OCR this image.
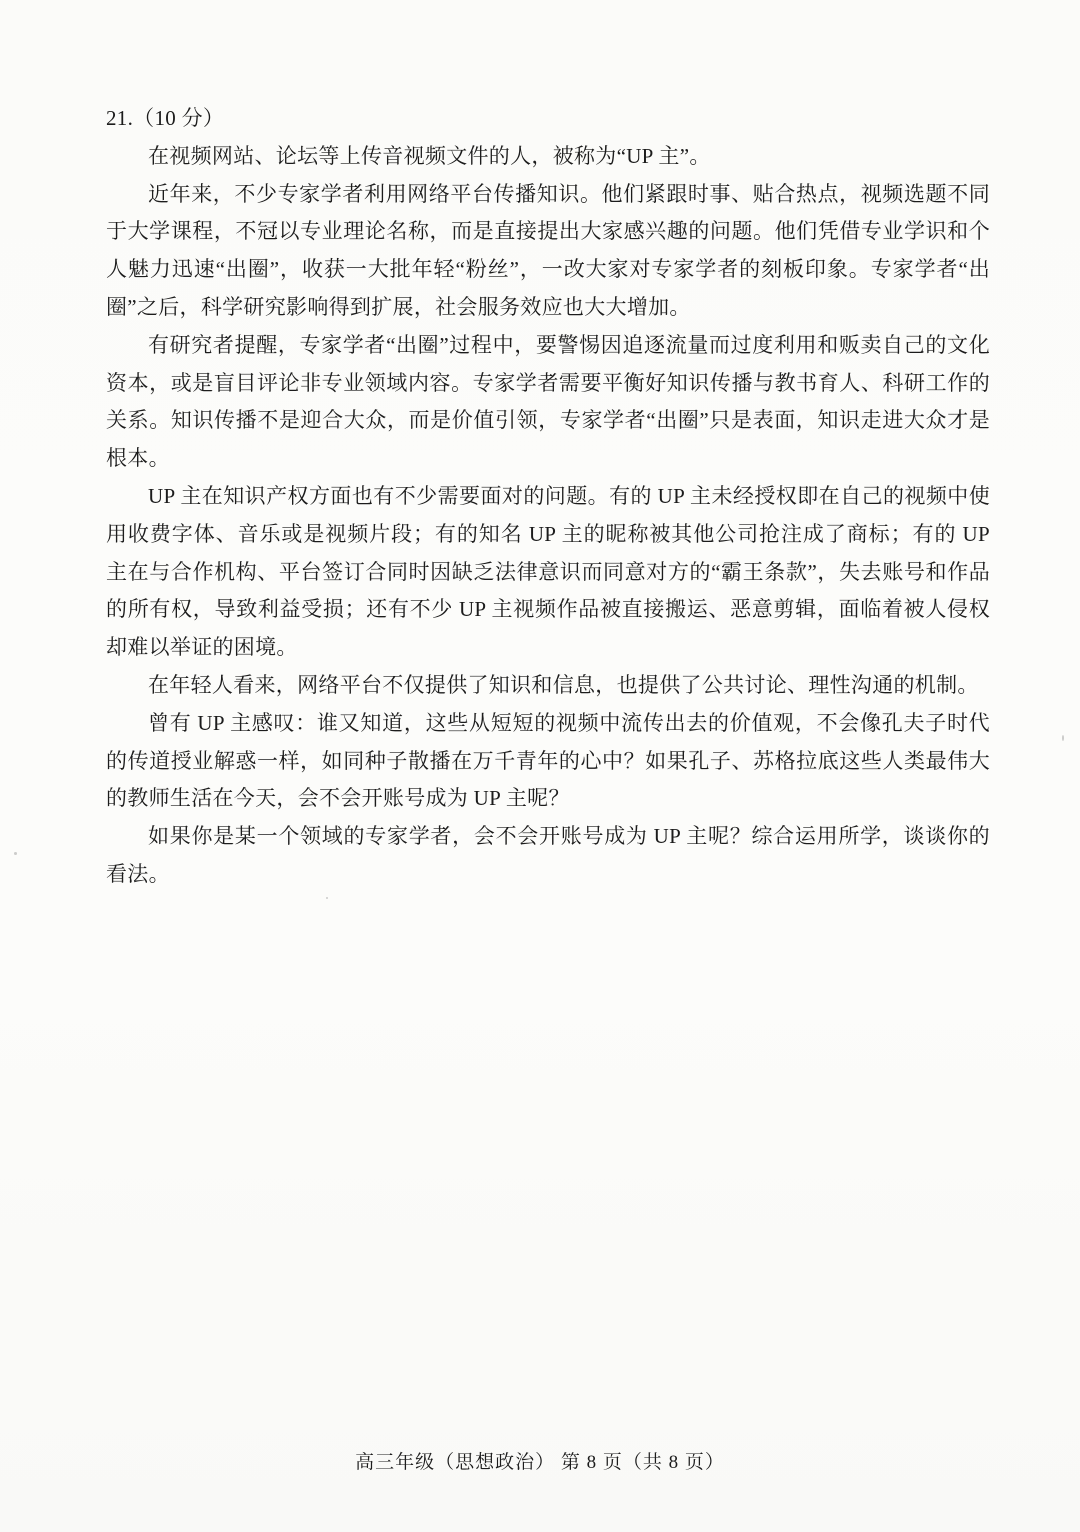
21.（10 分）

在视频网站、论坛等上传音视频文件的人，被称为“UP 主”。

近年来，不少专家学者利用网络平台传播知识。他们紧跟时事、贴合热点，视频选题不同于大学课程，不冠以专业理论名称，而是直接提出大家感兴趣的问题。他们凭借专业学识和个人魅力迅速“出圈”，收获一大批年轻“粉丝”，一改大家对专家学者的刻板印象。专家学者“出圈”之后，科学研究影响得到扩展，社会服务效应也大大增加。

有研究者提醒，专家学者“出圈”过程中，要警惕因追逐流量而过度利用和贩卖自己的文化资本，或是盲目评论非专业领域内容。专家学者需要平衡好知识传播与教书育人、科研工作的关系。知识传播不是迎合大众，而是价值引领，专家学者“出圈”只是表面，知识走进大众才是根本。

UP 主在知识产权方面也有不少需要面对的问题。有的 UP 主未经授权即在自己的视频中使用收费字体、音乐或是视频片段；有的知名 UP 主的昵称被其他公司抢注成了商标；有的 UP 主在与合作机构、平台签订合同时因缺乏法律意识而同意对方的“霸王条款”，失去账号和作品的所有权，导致利益受损；还有不少 UP 主视频作品被直接搬运、恶意剪辑，面临着被人侵权却难以举证的困境。

在年轻人看来，网络平台不仅提供了知识和信息，也提供了公共讨论、理性沟通的机制。

曾有 UP 主感叹：谁又知道，这些从短短的视频中流传出去的价值观，不会像孔夫子时代的传道授业解惑一样，如同种子散播在万千青年的心中？如果孔子、苏格拉底这些人类最伟大的教师生活在今天，会不会开账号成为 UP 主呢？

如果你是某一个领域的专家学者，会不会开账号成为 UP 主呢？综合运用所学，谈谈你的看法。

高三年级（思想政治） 第 8 页（共 8 页）
